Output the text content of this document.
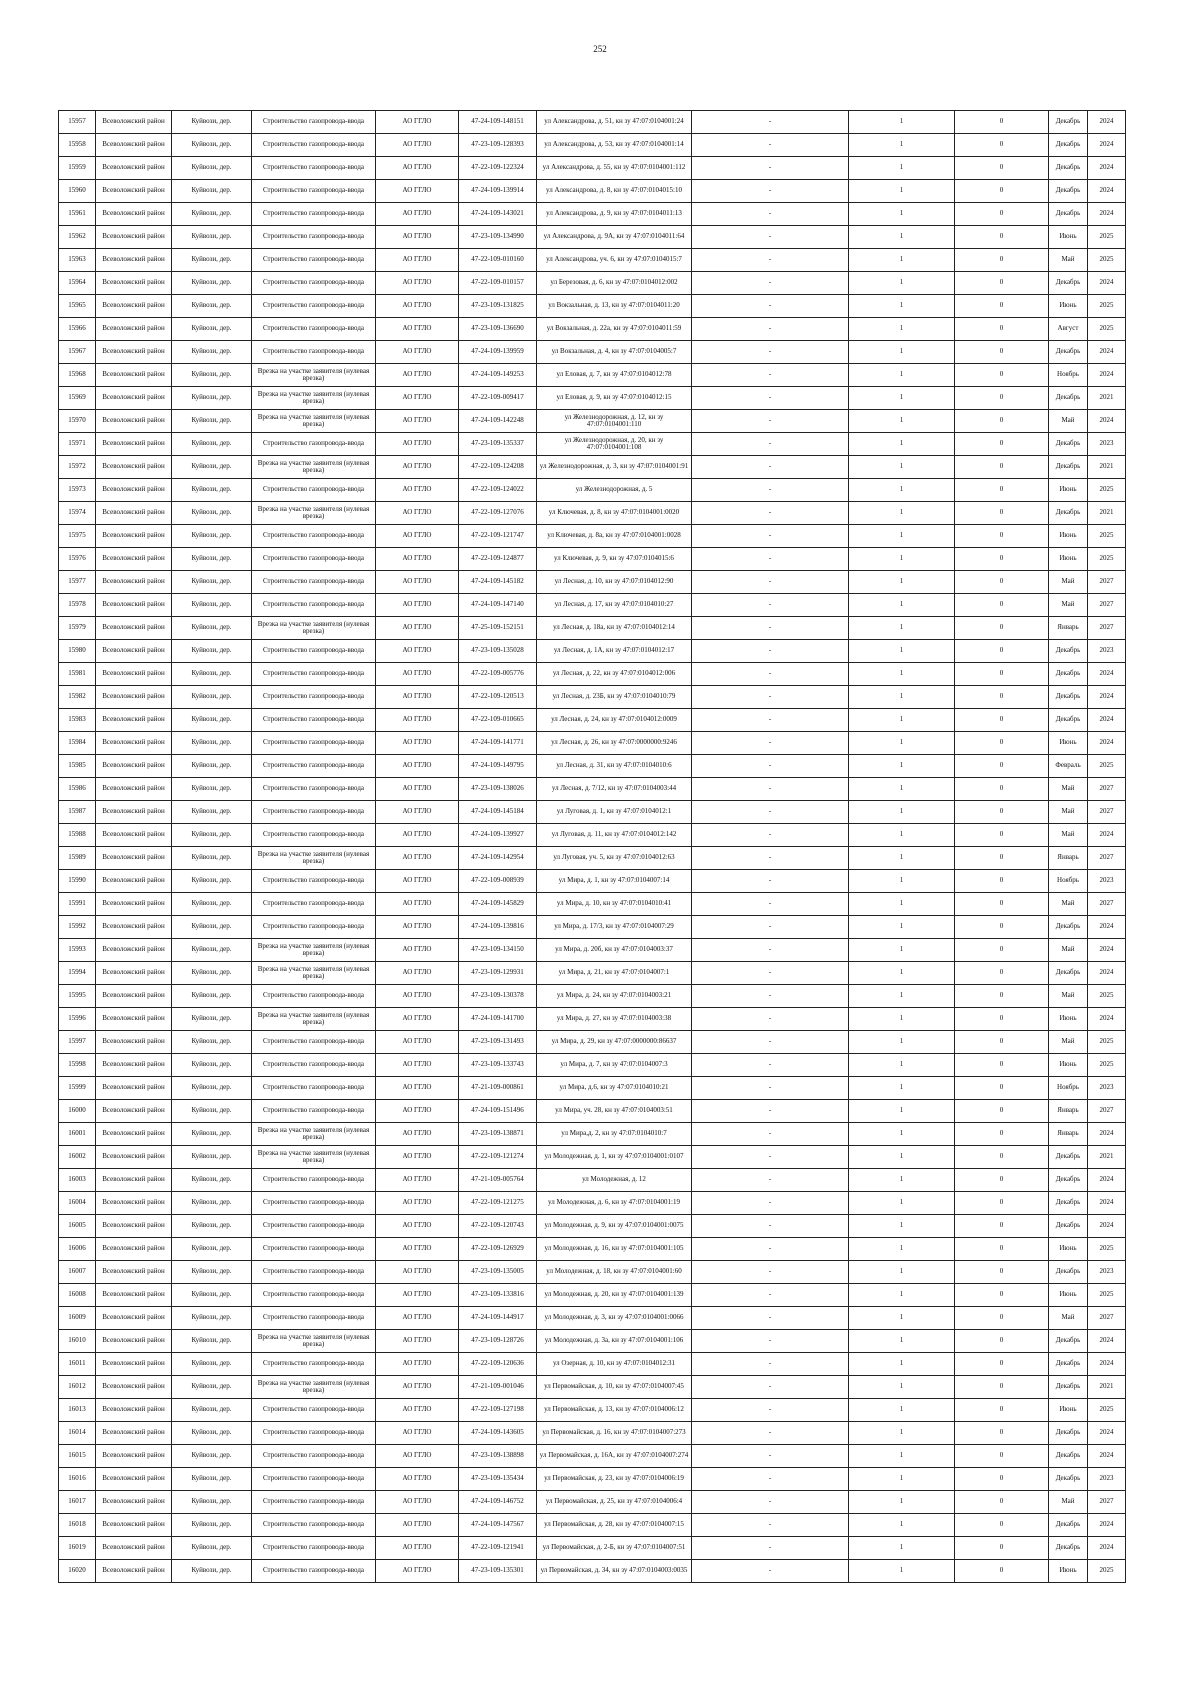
252
15957	Всеволожский район	Куйвози, дер.	Строительство газопровода-ввода	АО ГГЛО	47-24-109-148151	ул Александрова, д. 51, кн зу 47:07:0104001:24	-	1	0	Декабрь	2024
15958	Всеволожский район	Куйвози, дер.	Строительство газопровода-ввода	АО ГГЛО	47-23-109-128393	ул Александрова, д. 53, кн зу 47:07:0104001:14	-	1	0	Декабрь	2024
15959	Всеволожский район	Куйвози, дер.	Строительство газопровода-ввода	АО ГГЛО	47-22-109-122324	ул Александрова, д. 55, кн зу 47:07:0104001:112	-	1	0	Декабрь	2024
15960	Всеволожский район	Куйвози, дер.	Строительство газопровода-ввода	АО ГГЛО	47-24-109-139914	ул Александрова, д. 8, кн зу 47:07:0104015:10	-	1	0	Декабрь	2024
15961	Всеволожский район	Куйвози, дер.	Строительство газопровода-ввода	АО ГГЛО	47-24-109-143021	ул Александрова, д. 9, кн зу 47:07:0104011:13	-	1	0	Декабрь	2024
15962	Всеволожский район	Куйвози, дер.	Строительство газопровода-ввода	АО ГГЛО	47-23-109-134990	ул Александрова, д. 9А, кн зу 47:07:0104011:64	-	1	0	Июнь	2025
15963	Всеволожский район	Куйвози, дер.	Строительство газопровода-ввода	АО ГГЛО	47-22-109-010160	ул Александрова, уч. 6, кн зу 47:07:0104015:7	-	1	0	Май	2025
15964	Всеволожский район	Куйвози, дер.	Строительство газопровода-ввода	АО ГГЛО	47-22-109-010157	ул Березовая, д. 6, кн зу 47:07:0104012:002	-	1	0	Декабрь	2024
15965	Всеволожский район	Куйвози, дер.	Строительство газопровода-ввода	АО ГГЛО	47-23-109-131825	ул Вокзальная, д. 13, кн зу 47:07:0104011:20	-	1	0	Июнь	2025
15966	Всеволожский район	Куйвози, дер.	Строительство газопровода-ввода	АО ГГЛО	47-23-109-136690	ул Вокзальная, д. 22а, кн зу 47:07:0104011:59	-	1	0	Август	2025
15967	Всеволожский район	Куйвози, дер.	Строительство газопровода-ввода	АО ГГЛО	47-24-109-139959	ул Вокзальная, д. 4, кн зу 47:07:0104005:7	-	1	0	Декабрь	2024
15968	Всеволожский район	Куйвози, дер.	Врезка на участке заявителя (нулевая врезка)	АО ГГЛО	47-24-109-149253	ул Еловая, д. 7, кн зу 47:07:0104012:78	-	1	0	Ноябрь	2024
15969	Всеволожский район	Куйвози, дер.	Врезка на участке заявителя (нулевая врезка)	АО ГГЛО	47-22-109-009417	ул Еловая, д. 9, кн зу 47:07:0104012:15	-	1	0	Декабрь	2021
15970	Всеволожский район	Куйвози, дер.	Врезка на участке заявителя (нулевая врезка)	АО ГГЛО	47-24-109-142248	ул Железнодорожная, д. 12, кн зу 47:07:0104001:110	-	1	0	Май	2024
15971	Всеволожский район	Куйвози, дер.	Строительство газопровода-ввода	АО ГГЛО	47-23-109-135337	ул Железнодорожная, д. 20, кн зу 47:07:0104001:108	-	1	0	Декабрь	2023
15972	Всеволожский район	Куйвози, дер.	Врезка на участке заявителя (нулевая врезка)	АО ГГЛО	47-22-109-124208	ул Железнодорожная, д. 3, кн зу 47:07:0104001:91	-	1	0	Декабрь	2021
15973	Всеволожский район	Куйвози, дер.	Строительство газопровода-ввода	АО ГГЛО	47-22-109-124022	ул Железнодорожная, д. 5	-	1	0	Июнь	2025
15974	Всеволожский район	Куйвози, дер.	Врезка на участке заявителя (нулевая врезка)	АО ГГЛО	47-22-109-127076	ул Ключевая, д. 8, кн зу 47:07:0104001:0020	-	1	0	Декабрь	2021
15975	Всеволожский район	Куйвози, дер.	Строительство газопровода-ввода	АО ГГЛО	47-22-109-121747	ул Ключевая, д. 8а, кн зу 47:07:0104001:0028	-	1	0	Июнь	2025
15976	Всеволожский район	Куйвози, дер.	Строительство газопровода-ввода	АО ГГЛО	47-22-109-124877	ул Ключевая, д. 9, кн зу 47:07:0104015:6	-	1	0	Июнь	2025
15977	Всеволожский район	Куйвози, дер.	Строительство газопровода-ввода	АО ГГЛО	47-24-109-145182	ул Лесная, д. 10, кн зу 47:07:0104012:90	-	1	0	Май	2027
15978	Всеволожский район	Куйвози, дер.	Строительство газопровода-ввода	АО ГГЛО	47-24-109-147140	ул Лесная, д. 17, кн зу 47:07:0104010:27	-	1	0	Май	2027
15979	Всеволожский район	Куйвози, дер.	Врезка на участке заявителя (нулевая врезка)	АО ГГЛО	47-25-109-152151	ул Лесная, д. 18а, кн зу 47:07:0104012:14	-	1	0	Январь	2027
15980	Всеволожский район	Куйвози, дер.	Строительство газопровода-ввода	АО ГГЛО	47-23-109-135028	ул Лесная, д. 1А, кн зу 47:07:0104012:17	-	1	0	Декабрь	2023
15981	Всеволожский район	Куйвози, дер.	Строительство газопровода-ввода	АО ГГЛО	47-22-109-005776	ул Лесная, д. 22, кн зу 47:07:0104012:006	-	1	0	Декабрь	2024
15982	Всеволожский район	Куйвози, дер.	Строительство газопровода-ввода	АО ГГЛО	47-22-109-120513	ул Лесная, д. 23Б, кн зу 47:07:0104010:79	-	1	0	Декабрь	2024
15983	Всеволожский район	Куйвози, дер.	Строительство газопровода-ввода	АО ГГЛО	47-22-109-010665	ул Лесная, д. 24, кн зу 47:07:0104012:0009	-	1	0	Декабрь	2024
15984	Всеволожский район	Куйвози, дер.	Строительство газопровода-ввода	АО ГГЛО	47-24-109-141771	ул Лесная, д. 26, кн зу 47:07:0000000:9246	-	1	0	Июнь	2024
15985	Всеволожский район	Куйвози, дер.	Строительство газопровода-ввода	АО ГГЛО	47-24-109-149795	ул Лесная, д. 31, кн зу 47:07:0104010:6	-	1	0	Февраль	2025
15986	Всеволожский район	Куйвози, дер.	Строительство газопровода-ввода	АО ГГЛО	47-23-109-138026	ул Лесная, д. 7/12, кн зу 47:07:0104003:44	-	1	0	Май	2027
15987	Всеволожский район	Куйвози, дер.	Строительство газопровода-ввода	АО ГГЛО	47-24-109-145184	ул Луговая, д. 1, кн зу 47:07:0104012:1	-	1	0	Май	2027
15988	Всеволожский район	Куйвози, дер.	Строительство газопровода-ввода	АО ГГЛО	47-24-109-139927	ул Луговая, д. 11, кн зу 47:07:0104012:142	-	1	0	Май	2024
15989	Всеволожский район	Куйвози, дер.	Врезка на участке заявителя (нулевая врезка)	АО ГГЛО	47-24-109-142954	ул Луговая, уч. 5, кн зу 47:07:0104012:63	-	1	0	Январь	2027
15990	Всеволожский район	Куйвози, дер.	Строительство газопровода-ввода	АО ГГЛО	47-22-109-008939	ул Мира, д. 1, кн зу 47:07:0104007:14	-	1	0	Ноябрь	2023
15991	Всеволожский район	Куйвози, дер.	Строительство газопровода-ввода	АО ГГЛО	47-24-109-145829	ул Мира, д. 10, кн зу 47:07:0104010:41	-	1	0	Май	2027
15992	Всеволожский район	Куйвози, дер.	Строительство газопровода-ввода	АО ГГЛО	47-24-109-139816	ул Мира, д. 17/3, кн зу 47:07:0104007:29	-	1	0	Декабрь	2024
15993	Всеволожский район	Куйвози, дер.	Врезка на участке заявителя (нулевая врезка)	АО ГГЛО	47-23-109-134150	ул Мира, д. 20б, кн зу 47:07:0104003:37	-	1	0	Май	2024
15994	Всеволожский район	Куйвози, дер.	Врезка на участке заявителя (нулевая врезка)	АО ГГЛО	47-23-109-129931	ул Мира, д. 21, кн зу 47:07:0104007:1	-	1	0	Декабрь	2024
15995	Всеволожский район	Куйвози, дер.	Строительство газопровода-ввода	АО ГГЛО	47-23-109-130378	ул Мира, д. 24, кн зу 47:07:0104003:21	-	1	0	Май	2025
15996	Всеволожский район	Куйвози, дер.	Врезка на участке заявителя (нулевая врезка)	АО ГГЛО	47-24-109-141700	ул Мира, д. 27, кн зу 47:07:0104003:38	-	1	0	Июнь	2024
15997	Всеволожский район	Куйвози, дер.	Строительство газопровода-ввода	АО ГГЛО	47-23-109-131493	ул Мира, д. 29, кн зу 47:07:0000000:86637	-	1	0	Май	2025
15998	Всеволожский район	Куйвози, дер.	Строительство газопровода-ввода	АО ГГЛО	47-23-109-133743	ул Мира, д. 7, кн зу 47:07:0104007:3	-	1	0	Июнь	2025
15999	Всеволожский район	Куйвози, дер.	Строительство газопровода-ввода	АО ГГЛО	47-21-109-000861	ул Мира, д.6, кн зу 47:07:0104010:21	-	1	0	Ноябрь	2023
16000	Всеволожский район	Куйвози, дер.	Строительство газопровода-ввода	АО ГГЛО	47-24-109-151496	ул Мира, уч. 28, кн зу 47:07:0104003:51	-	1	0	Январь	2027
16001	Всеволожский район	Куйвози, дер.	Врезка на участке заявителя (нулевая врезка)	АО ГГЛО	47-23-109-138871	ул Мира,д. 2, кн зу 47:07:0104010:7	-	1	0	Январь	2024
16002	Всеволожский район	Куйвози, дер.	Врезка на участке заявителя (нулевая врезка)	АО ГГЛО	47-22-109-121274	ул Молодежная, д. 1, кн зу 47:07:0104001:0107	-	1	0	Декабрь	2021
16003	Всеволожский район	Куйвози, дер.	Строительство газопровода-ввода	АО ГГЛО	47-21-109-005764	ул Молодежная, д. 12	-	1	0	Декабрь	2024
16004	Всеволожский район	Куйвози, дер.	Строительство газопровода-ввода	АО ГГЛО	47-22-109-121275	ул Молодежная, д. 6, кн зу 47:07:0104001:19	-	1	0	Декабрь	2024
16005	Всеволожский район	Куйвози, дер.	Строительство газопровода-ввода	АО ГГЛО	47-22-109-120743	ул Молодежная, д. 9, кн зу 47:07:0104001:0075	-	1	0	Декабрь	2024
16006	Всеволожский район	Куйвози, дер.	Строительство газопровода-ввода	АО ГГЛО	47-22-109-126929	ул Молодежная, д. 16, кн зу 47:07:0104001:105	-	1	0	Июнь	2025
16007	Всеволожский район	Куйвози, дер.	Строительство газопровода-ввода	АО ГГЛО	47-23-109-135005	ул Молодежная, д. 18, кн зу 47:07:0104001:60	-	1	0	Декабрь	2023
16008	Всеволожский район	Куйвози, дер.	Строительство газопровода-ввода	АО ГГЛО	47-23-109-133816	ул Молодежная, д. 20, кн зу 47:07:0104001:139	-	1	0	Июнь	2025
16009	Всеволожский район	Куйвози, дер.	Строительство газопровода-ввода	АО ГГЛО	47-24-109-144917	ул Молодежная, д. 3, кн зу 47:07:0104001:0066	-	1	0	Май	2027
16010	Всеволожский район	Куйвози, дер.	Врезка на участке заявителя (нулевая врезка)	АО ГГЛО	47-23-109-128726	ул Молодежная, д. 3а, кн зу 47:07:0104001:106	-	1	0	Декабрь	2024
16011	Всеволожский район	Куйвози, дер.	Строительство газопровода-ввода	АО ГГЛО	47-22-109-120636	ул Озерная, д. 10, кн зу 47:07:0104012:31	-	1	0	Декабрь	2024
16012	Всеволожский район	Куйвози, дер.	Врезка на участке заявителя (нулевая врезка)	АО ГГЛО	47-21-109-001046	ул Первомайская, д. 10, кн зу 47:07:0104007:45	-	1	0	Декабрь	2021
16013	Всеволожский район	Куйвози, дер.	Строительство газопровода-ввода	АО ГГЛО	47-22-109-127198	ул Первомайская, д. 13, кн зу 47:07:0104006:12	-	1	0	Июнь	2025
16014	Всеволожский район	Куйвози, дер.	Строительство газопровода-ввода	АО ГГЛО	47-24-109-143605	ул Первомайская, д. 16, кн зу 47:07:0104007:273	-	1	0	Декабрь	2024
16015	Всеволожский район	Куйвози, дер.	Строительство газопровода-ввода	АО ГГЛО	47-23-109-138898	ул Первомайская, д. 16А, кн зу 47:07:0104007:274	-	1	0	Декабрь	2024
16016	Всеволожский район	Куйвози, дер.	Строительство газопровода-ввода	АО ГГЛО	47-23-109-135434	ул Первомайская, д. 23, кн зу 47:07:0104006:19	-	1	0	Декабрь	2023
16017	Всеволожский район	Куйвози, дер.	Строительство газопровода-ввода	АО ГГЛО	47-24-109-146752	ул Первомайская, д. 25, кн зу 47:07:0104006:4	-	1	0	Май	2027
16018	Всеволожский район	Куйвози, дер.	Строительство газопровода-ввода	АО ГГЛО	47-24-109-147567	ул Первомайская, д. 28, кн зу 47:07:0104007:15	-	1	0	Декабрь	2024
16019	Всеволожский район	Куйвози, дер.	Строительство газопровода-ввода	АО ГГЛО	47-22-109-121941	ул Первомайская, д. 2-Б, кн зу 47:07:0104007:51	-	1	0	Декабрь	2024
16020	Всеволожский район	Куйвози, дер.	Строительство газопровода-ввода	АО ГГЛО	47-23-109-135301	ул Первомайская, д. 34, кн зу 47:07:0104003:0035	-	1	0	Июнь	2025
